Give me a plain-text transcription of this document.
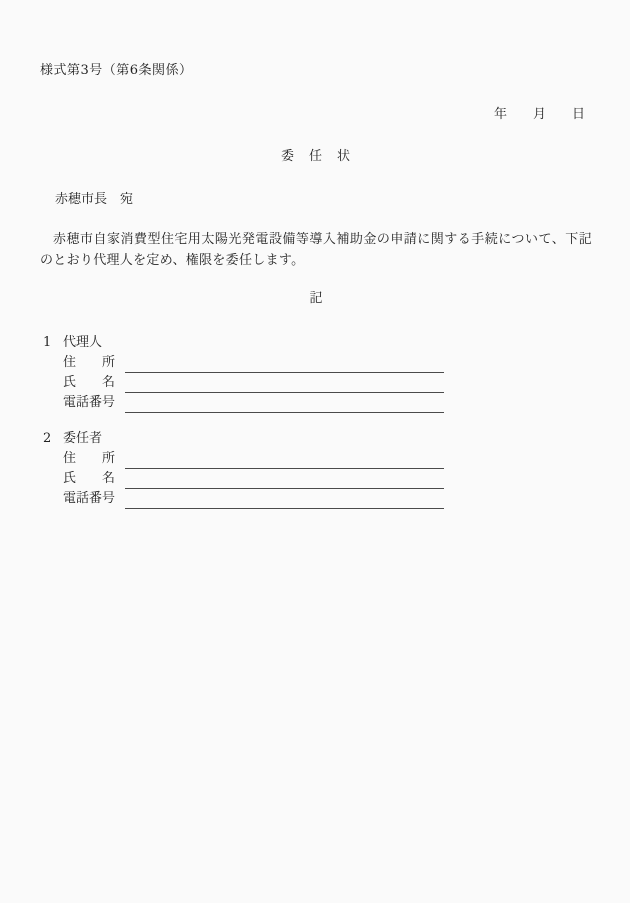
様式第3号（第6条関係）
年　　月　　日
委　任　状
赤穂市長　宛

赤穂市自家消費型住宅用太陽光発電設備等導入補助金の申請に関する手続について、下記のとおり代理人を定め、権限を委任します。

記
1 代理人
住　　所
氏　　名
電話番号
2 委任者
住　　所
氏　　名
電話番号
